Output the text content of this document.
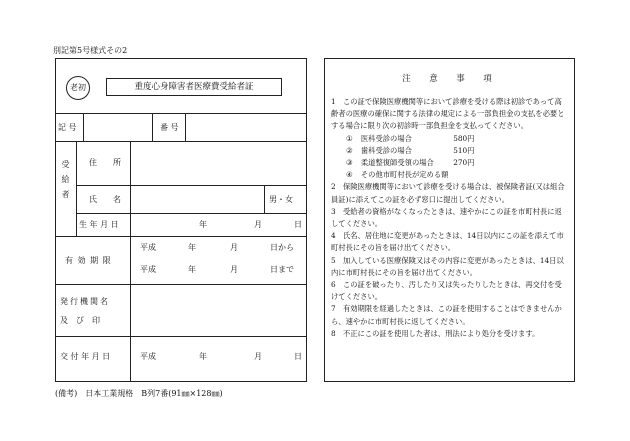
別記第5号様式その2
老初	重度心身障害者医療費受給者証
記 号	番 号
受給者 住　　所
氏　　名	男・女
生 年 月 日	年	月	日
有 効 期 限
平成	年	月	日から
平成	年	月	日まで
発行機関名
及　び　印
交 付 年 月 日	平成	年	月	日
注　意　事　項
1　この証で保険医療機関等において診療を受ける際は初診であって高齢者の医療の確保に関する法律の規定による一部負担金の支払を必要とする場合に限り次の初診時一部負担金を支払ってください。
① 医科受診の場合	580円
② 歯科受診の場合	510円
③ 柔道整復師受領の場合	270円
④ その他市町村長が定める額
2　保険医療機関等において診療を受ける場合は、被保険者証(又は組合員証)に添えてこの証を必ず窓口に提出してください。
3　受給者の資格がなくなったときは、速やかにこの証を市町村長に返してください。
4　氏名、居住地に変更があったときは、14日以内にこの証を添えて市町村長にその旨を届け出てください。
5　加入している医療保険又はその内容に変更があったときは、14日以内に市町村長にその旨を届け出てください。
6　この証を破ったり、汚したり又は失ったりしたときは、再交付を受けてください。
7　有効期限を経過したときは、この証を使用することはできませんから、速やかに市町村長に返してください。
8　不正にこの証を使用した者は、刑法により処分を受けます。
(備考)　日本工業規格　B列7番(91㎜×128㎜)
